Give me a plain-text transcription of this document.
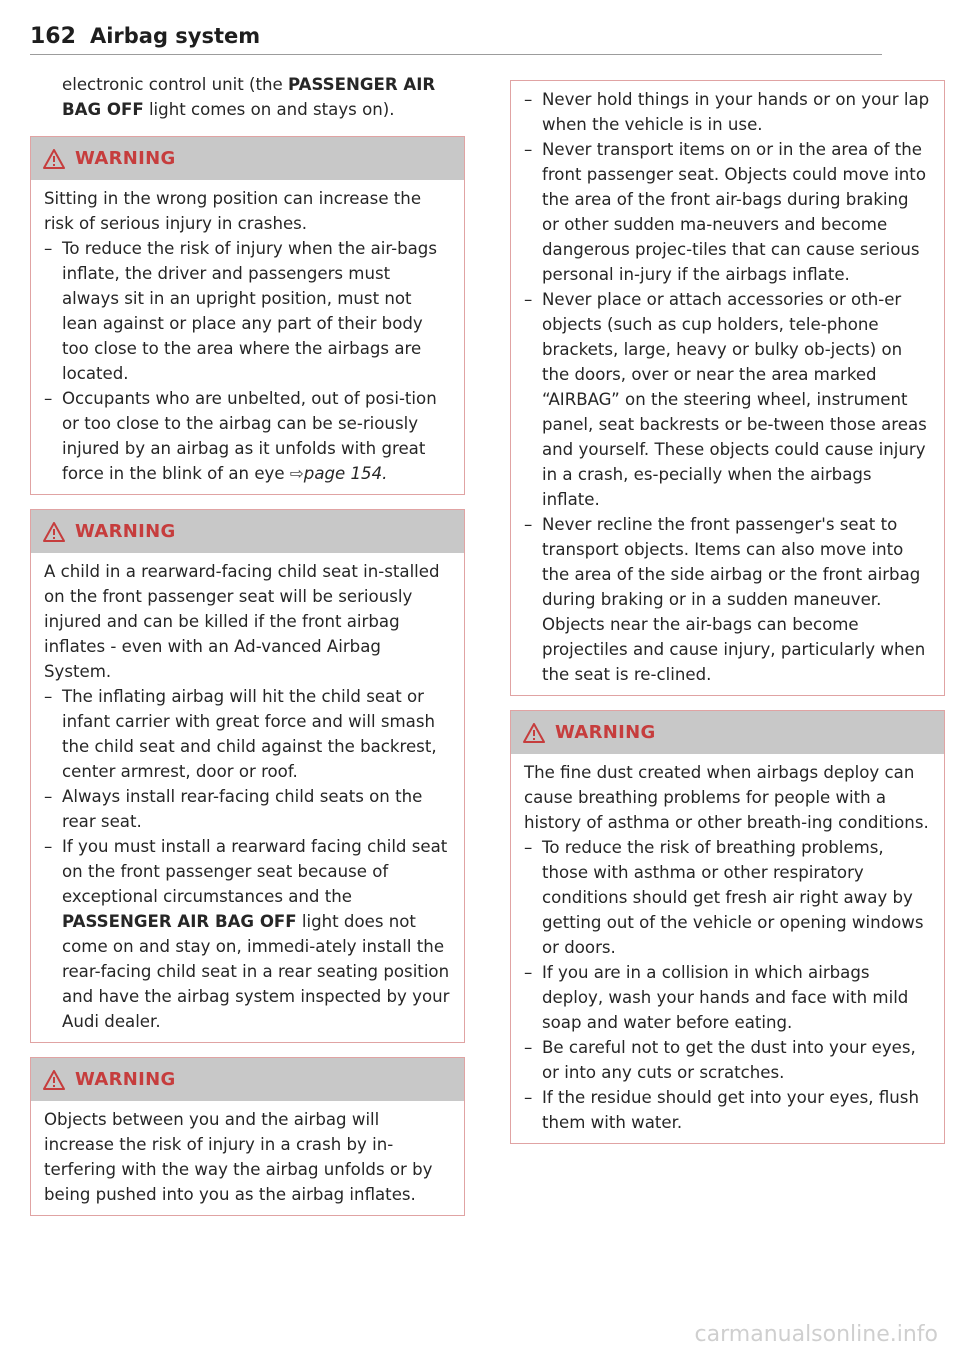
162 Airbag system

electronic control unit (the PASSENGER AIR BAG OFF light comes on and stays on).

WARNING

Sitting in the wrong position can increase the risk of serious injury in crashes.

– To reduce the risk of injury when the air-bags inflate, the driver and passengers must always sit in an upright position, must not lean against or place any part of their body too close to the area where the airbags are located.
– Occupants who are unbelted, out of posi-tion or too close to the airbag can be se-riously injured by an airbag as it unfolds with great force in the blink of an eye ⇨page 154.
WARNING

A child in a rearward-facing child seat in-stalled on the front passenger seat will be seriously injured and can be killed if the front airbag inflates - even with an Ad-vanced Airbag System.

– The inflating airbag will hit the child seat or infant carrier with great force and will smash the child seat and child against the backrest, center armrest, door or roof.
– Always install rear-facing child seats on the rear seat.
– If you must install a rearward facing child seat on the front passenger seat because of exceptional circumstances and the PASSENGER AIR BAG OFF light does not come on and stay on, immedi-ately install the rear-facing child seat in a rear seating position and have the airbag system inspected by your Audi dealer.
WARNING

Objects between you and the airbag will increase the risk of injury in a crash by in-terfering with the way the airbag unfolds or by being pushed into you as the airbag inflates.

– Never hold things in your hands or on your lap when the vehicle is in use.
– Never transport items on or in the area of the front passenger seat. Objects could move into the area of the front air-bags during braking or other sudden ma-neuvers and become dangerous projec-tiles that can cause serious personal in-jury if the airbags inflate.
– Never place or attach accessories or oth-er objects (such as cup holders, tele-phone brackets, large, heavy or bulky ob-jects) on the doors, over or near the area marked “AIRBAG” on the steering wheel, instrument panel, seat backrests or be-tween those areas and yourself. These objects could cause injury in a crash, es-pecially when the airbags inflate.
– Never recline the front passenger's seat to transport objects. Items can also move into the area of the side airbag or the front airbag during braking or in a sudden maneuver. Objects near the air-bags can become projectiles and cause injury, particularly when the seat is re-clined.
WARNING

The fine dust created when airbags deploy can cause breathing problems for people with a history of asthma or other breath-ing conditions.

– To reduce the risk of breathing problems, those with asthma or other respiratory conditions should get fresh air right away by getting out of the vehicle or opening windows or doors.
– If you are in a collision in which airbags deploy, wash your hands and face with mild soap and water before eating.
– Be careful not to get the dust into your eyes, or into any cuts or scratches.
– If the residue should get into your eyes, flush them with water.
carmanualsonline.info
